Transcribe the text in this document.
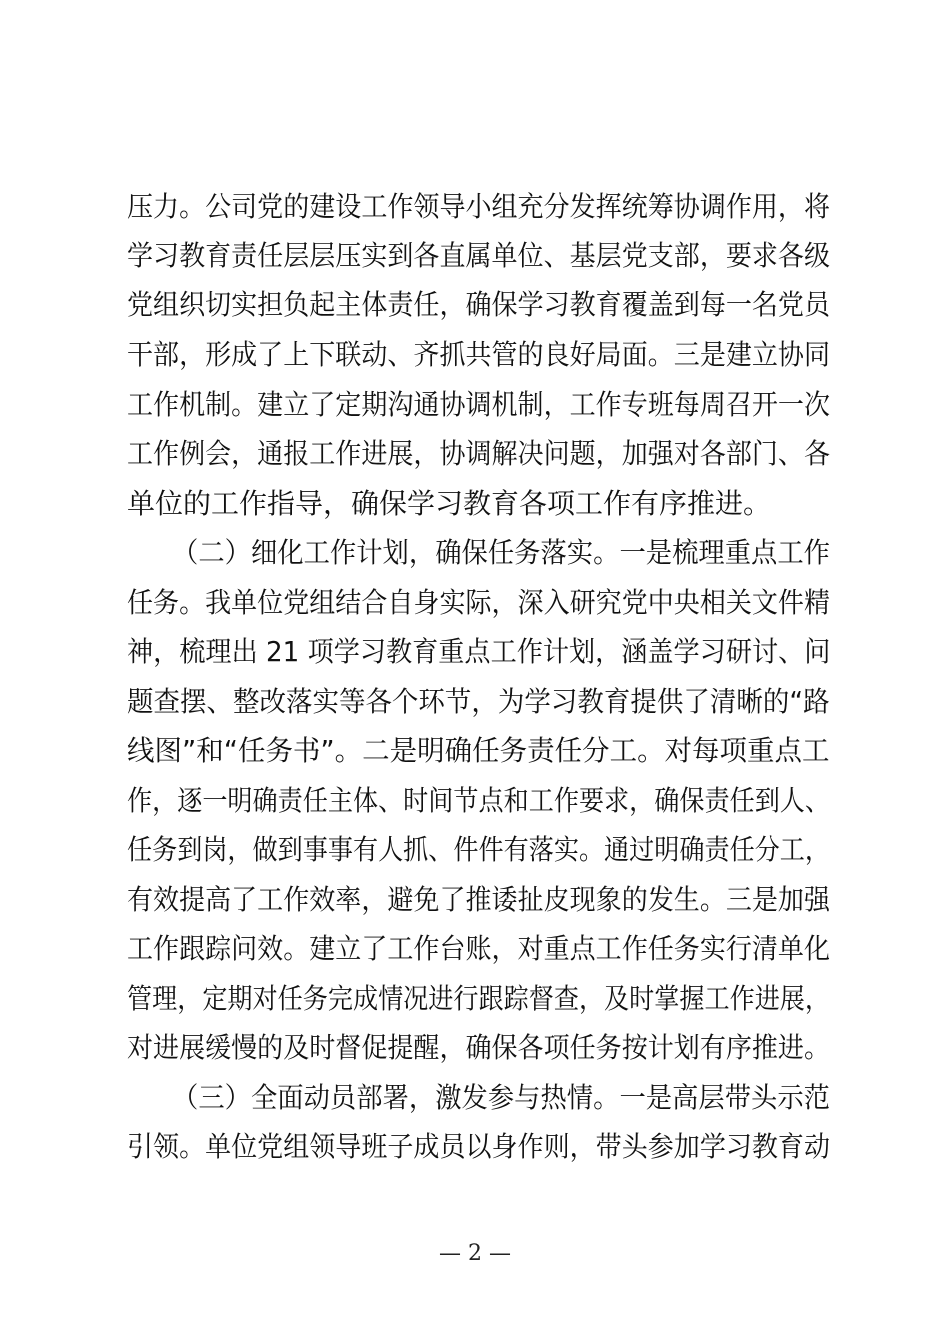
压力。公司党的建设工作领导小组充分发挥统筹协调作用，将
学习教育责任层层压实到各直属单位、基层党支部，要求各级
党组织切实担负起主体责任，确保学习教育覆盖到每一名党员
干部，形成了上下联动、齐抓共管的良好局面。三是建立协同
工作机制。建立了定期沟通协调机制，工作专班每周召开一次
工作例会，通报工作进展，协调解决问题，加强对各部门、各
单位的工作指导，确保学习教育各项工作有序推进。
（二）细化工作计划，确保任务落实。一是梳理重点工作
任务。我单位党组结合自身实际，深入研究党中央相关文件精
神，梳理出 21 项学习教育重点工作计划，涵盖学习研讨、问
题查摆、整改落实等各个环节，为学习教育提供了清晰的“路
线图”和“任务书”。二是明确任务责任分工。对每项重点工
作，逐一明确责任主体、时间节点和工作要求，确保责任到人、
任务到岗，做到事事有人抓、件件有落实。通过明确责任分工，
有效提高了工作效率，避免了推诿扯皮现象的发生。三是加强
工作跟踪问效。建立了工作台账，对重点工作任务实行清单化
管理，定期对任务完成情况进行跟踪督查，及时掌握工作进展，
对进展缓慢的及时督促提醒，确保各项任务按计划有序推进。
（三）全面动员部署，激发参与热情。一是高层带头示范
引领。单位党组领导班子成员以身作则，带头参加学习教育动
— 2 —
